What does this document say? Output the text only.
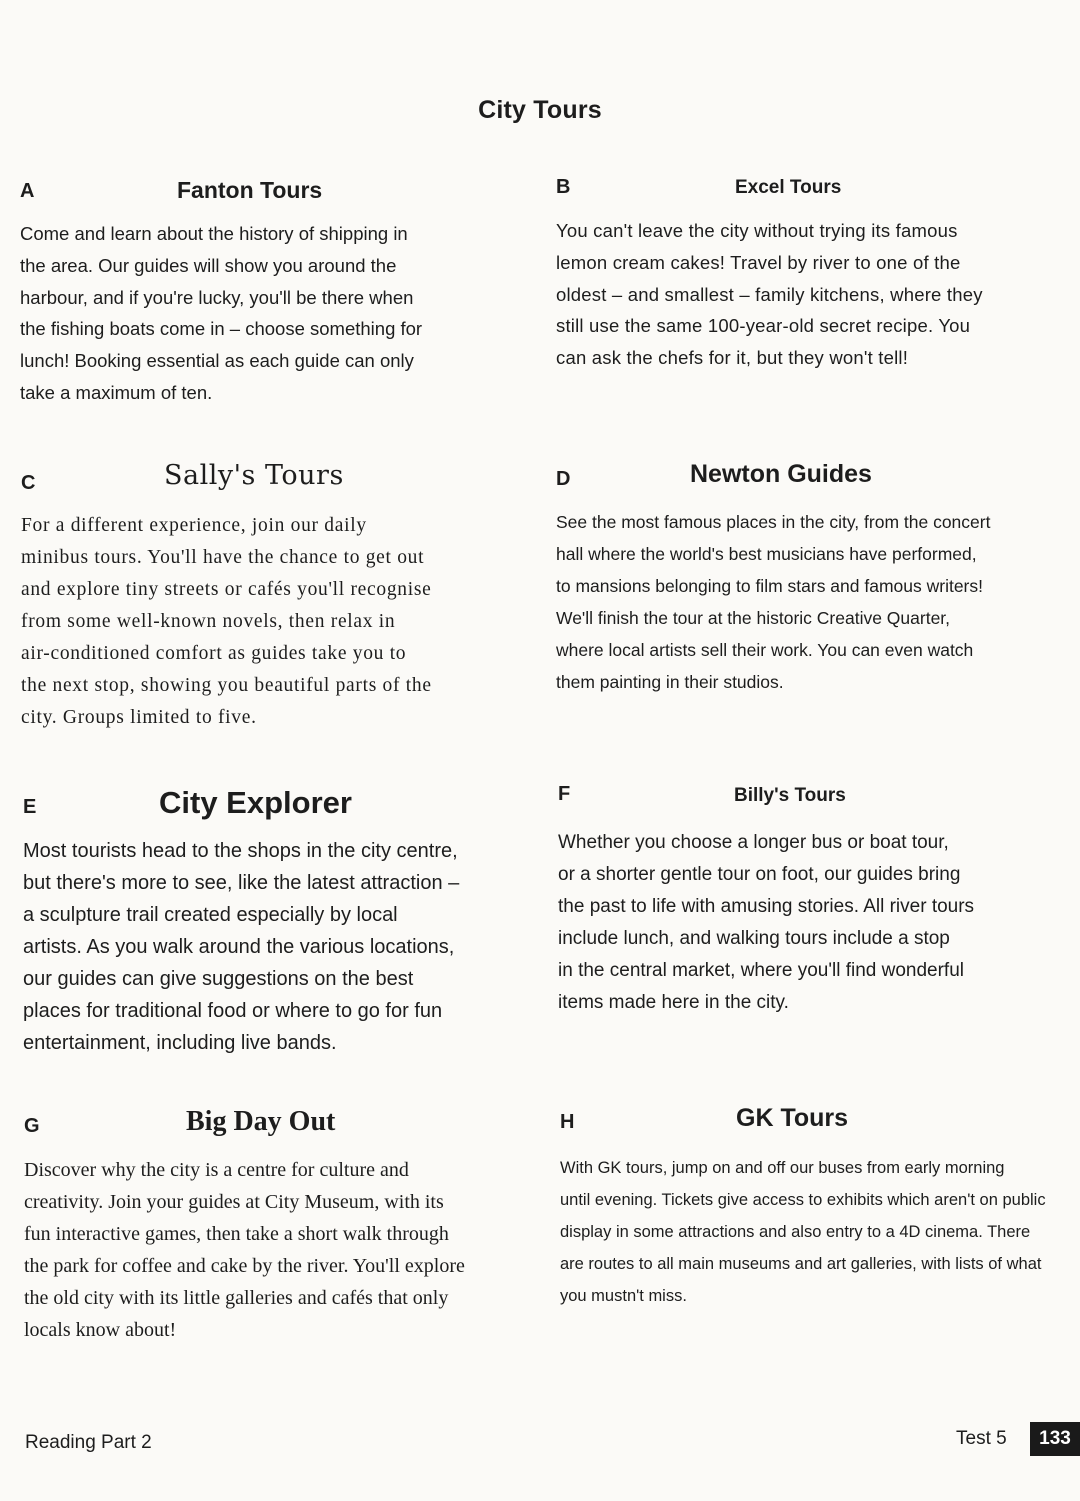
City Tours
A	Fanton Tours
Come and learn about the history of shipping in
the area. Our guides will show you around the
harbour, and if you're lucky, you'll be there when
the fishing boats come in – choose something for
lunch! Booking essential as each guide can only
take a maximum of ten.
B	Excel Tours
You can't leave the city without trying its famous
lemon cream cakes! Travel by river to one of the
oldest – and smallest – family kitchens, where they
still use the same 100-year-old secret recipe. You
can ask the chefs for it, but they won't tell!
C	Sally's Tours
For a different experience, join our daily
minibus tours. You'll have the chance to get out
and explore tiny streets or cafés you'll recognise
from some well-known novels, then relax in
air-conditioned comfort as guides take you to
the next stop, showing you beautiful parts of the
city. Groups limited to five.
D	Newton Guides
See the most famous places in the city, from the concert
hall where the world's best musicians have performed,
to mansions belonging to film stars and famous writers!
We'll finish the tour at the historic Creative Quarter,
where local artists sell their work. You can even watch
them painting in their studios.
E	City Explorer
Most tourists head to the shops in the city centre,
but there's more to see, like the latest attraction –
a sculpture trail created especially by local
artists. As you walk around the various locations,
our guides can give suggestions on the best
places for traditional food or where to go for fun
entertainment, including live bands.
F	Billy's Tours
Whether you choose a longer bus or boat tour,
or a shorter gentle tour on foot, our guides bring
the past to life with amusing stories. All river tours
include lunch, and walking tours include a stop
in the central market, where you'll find wonderful
items made here in the city.
G	Big Day Out
Discover why the city is a centre for culture and
creativity. Join your guides at City Museum, with its
fun interactive games, then take a short walk through
the park for coffee and cake by the river. You'll explore
the old city with its little galleries and cafés that only
locals know about!
H	GK Tours
With GK tours, jump on and off our buses from early morning
until evening. Tickets give access to exhibits which aren't on public
display in some attractions and also entry to a 4D cinema. There
are routes to all main museums and art galleries, with lists of what
you mustn't miss.
Reading Part 2	Test 5	133
